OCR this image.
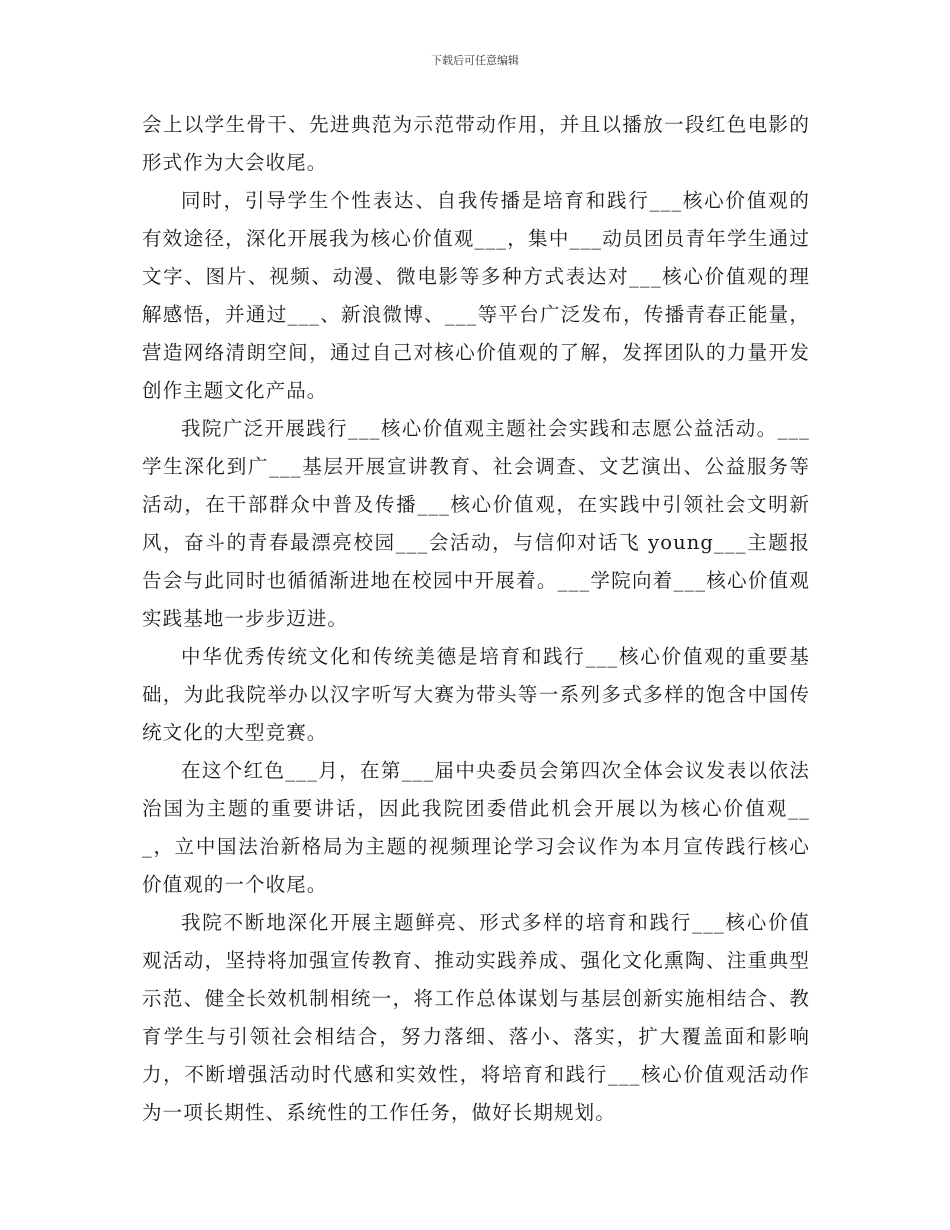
下载后可任意编辑

会上以学生骨干、先进典范为示范带动作用，并且以播放一段红色电影的形式作为大会收尾。

同时，引导学生个性表达、自我传播是培育和践行___核心价值观的有效途径，深化开展我为核心价值观___，集中___动员团员青年学生通过文字、图片、视频、动漫、微电影等多种方式表达对___核心价值观的理解感悟，并通过___、新浪微博、___等平台广泛发布，传播青春正能量，营造网络清朗空间，通过自己对核心价值观的了解，发挥团队的力量开发创作主题文化产品。

我院广泛开展践行___核心价值观主题社会实践和志愿公益活动。___学生深化到广___基层开展宣讲教育、社会调查、文艺演出、公益服务等活动，在干部群众中普及传播___核心价值观，在实践中引领社会文明新风，奋斗的青春最漂亮校园___会活动，与信仰对话飞 young___主题报告会与此同时也循循渐进地在校园中开展着。___学院向着___核心价值观实践基地一步步迈进。

中华优秀传统文化和传统美德是培育和践行___核心价值观的重要基础，为此我院举办以汉字听写大赛为带头等一系列多式多样的饱含中国传统文化的大型竞赛。

在这个红色___月，在第___届中央委员会第四次全体会议发表以依法治国为主题的重要讲话，因此我院团委借此机会开展以为核心价值观___，立中国法治新格局为主题的视频理论学习会议作为本月宣传践行核心价值观的一个收尾。

我院不断地深化开展主题鲜亮、形式多样的培育和践行___核心价值观活动，坚持将加强宣传教育、推动实践养成、强化文化熏陶、注重典型示范、健全长效机制相统一，将工作总体谋划与基层创新实施相结合、教育学生与引领社会相结合，努力落细、落小、落实，扩大覆盖面和影响力，不断增强活动时代感和实效性，将培育和践行___核心价值观活动作为一项长期性、系统性的工作任务，做好长期规划。
